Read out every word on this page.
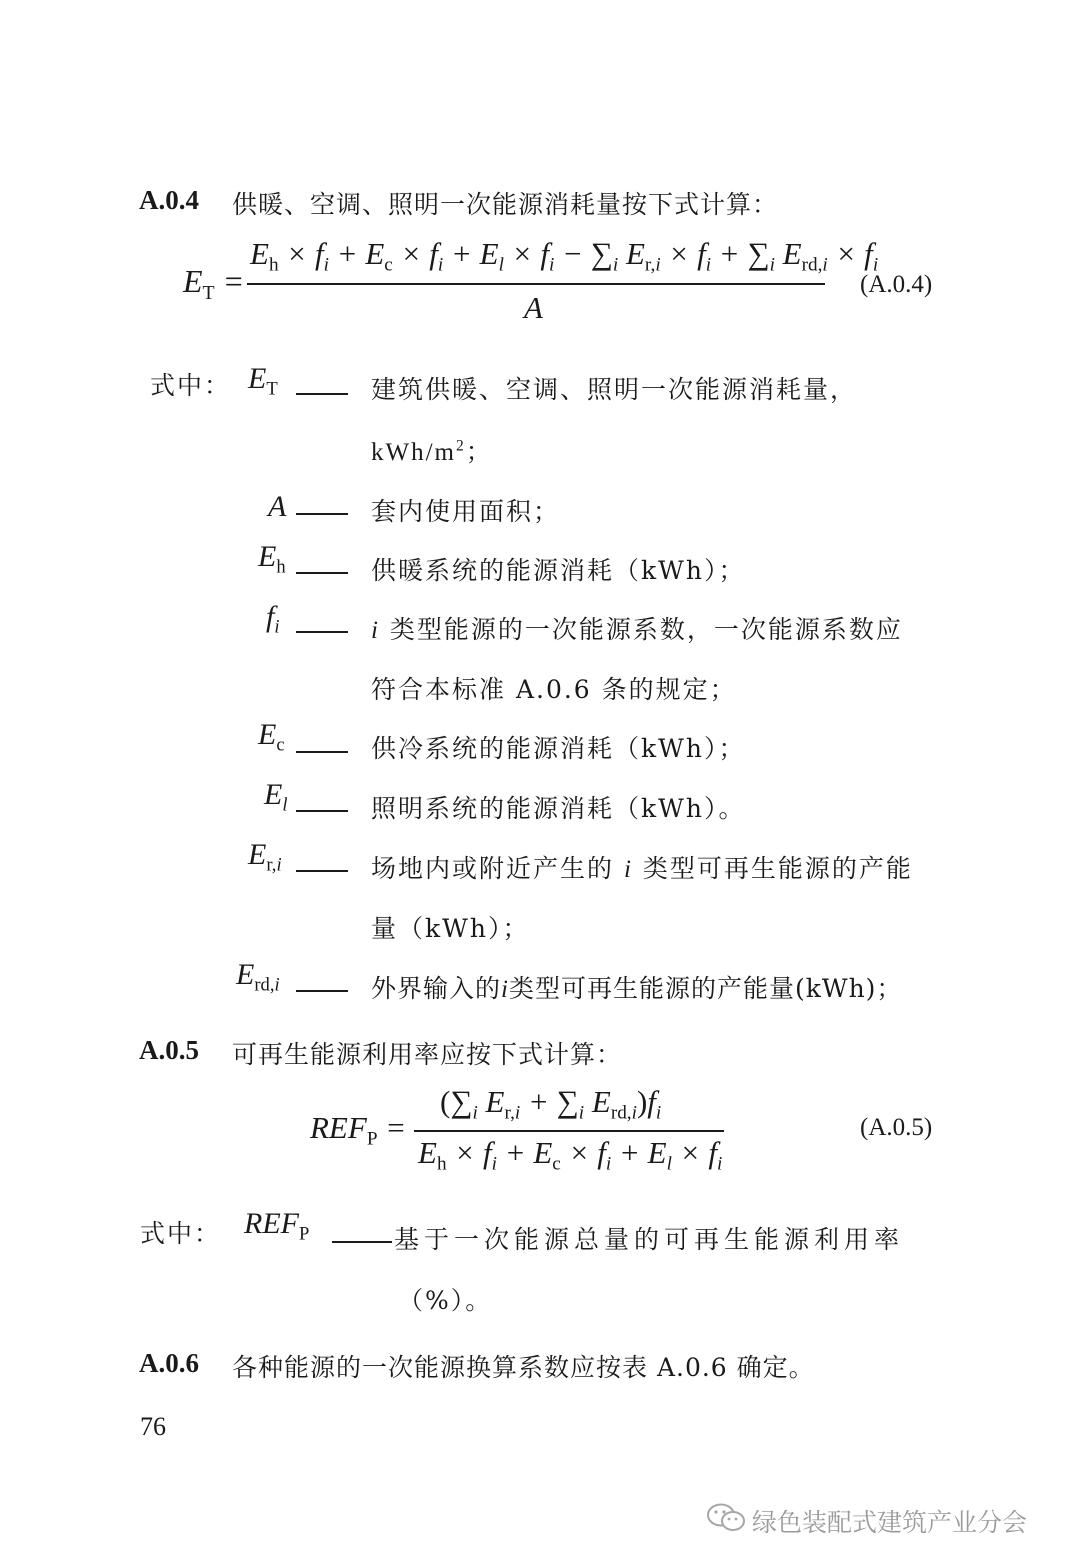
A.0.4 供暖、空调、照明一次能源消耗量按下式计算：
$E_T$ =
$E_h \times f_i + E_c \times f_i + E_l \times f_i - \sum_i$ $E_{r,i} \times f_i + \sum_i$ $E_{rd,i} \times f_i$
A
(A.0.4)
式中： $E_T$	建筑供暖、空调、照明一次能源消耗量，
kWh/$m^2$；
A	套内使用面积；
$E_h$	供暖系统的能源消耗（kWh）；
$f_i$	i 类型能源的一次能源系数，一次能源系数应
符合本标准 A.0.6 条的规定；
$E_c$	供冷系统的能源消耗（kWh）；
$E_l$	照明系统的能源消耗（kWh）。
$E_{r,i}$	场地内或附近产生的 i 类型可再生能源的产能
量（kWh）；
$E_{rd,i}$	外界输入的i类型可再生能源的产能量(kWh)；
A.0.5 可再生能源利用率应按下式计算：
$REF_P$ =
($\sum_i$ $E_{r,i} + \sum_i$ $E_{rd,i})f_i$
$E_h \times f_i + E_c \times f_i + E_l \times f_i$
(A.0.5)
式中： $REF_P$	基于一次能源总量的可再生能源利用率
（%）。
A.0.6 各种能源的一次能源换算系数应按表 A.0.6 确定。
76
绿色装配式建筑产业分会
